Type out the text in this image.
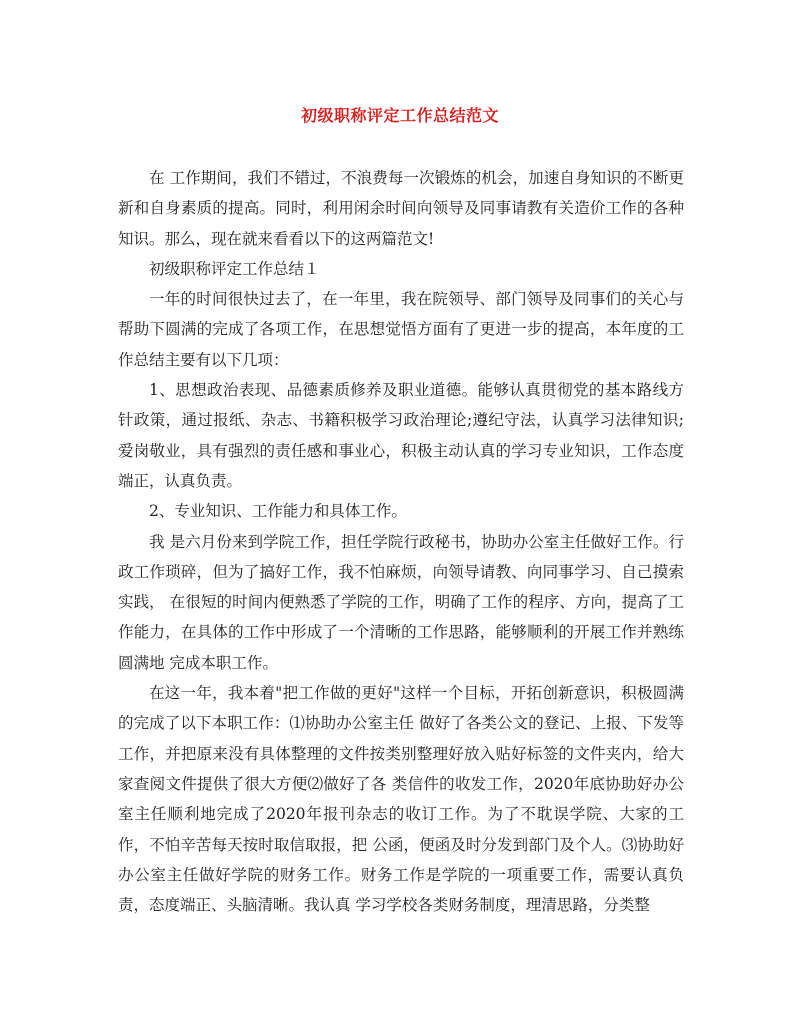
初级职称评定工作总结范文

在 工作期间，我们不错过，不浪费每一次锻炼的机会，加速自身知识的不断更新和自身素质的提高。同时，利用闲余时间向领导及同事请教有关造价工作的各种知识。那么，现在就来看看以下的这两篇范文!

初级职称评定工作总结１

一年的时间很快过去了，在一年里，我在院领导、部门领导及同事们的关心与帮助下圆满的完成了各项工作，在思想觉悟方面有了更进一步的提高，本年度的工作总结主要有以下几项：

1、思想政治表现、品德素质修养及职业道德。能够认真贯彻党的基本路线方针政策，通过报纸、杂志、书籍积极学习政治理论;遵纪守法，认真学习法律知识;爱岗敬业，具有强烈的责任感和事业心，积极主动认真的学习专业知识，工作态度端正，认真负责。

2、专业知识、工作能力和具体工作。

我 是六月份来到学院工作，担任学院行政秘书，协助办公室主任做好工作。行政工作琐碎，但为了搞好工作，我不怕麻烦，向领导请教、向同事学习、自己摸索实践， 在很短的时间内便熟悉了学院的工作，明确了工作的程序、方向，提高了工作能力，在具体的工作中形成了一个清晰的工作思路，能够顺利的开展工作并熟练圆满地 完成本职工作。

在这一年，我本着"把工作做的更好"这样一个目标，开拓创新意识，积极圆满的完成了以下本职工作：⑴协助办公室主任 做好了各类公文的登记、上报、下发等工作，并把原来没有具体整理的文件按类别整理好放入贴好标签的文件夹内，给大家查阅文件提供了很大方便⑵做好了各 类信件的收发工作，2020年底协助好办公室主任顺利地完成了2020年报刊杂志的收订工作。为了不耽误学院、大家的工作，不怕辛苦每天按时取信取报，把 公函，便函及时分发到部门及个人。⑶协助好办公室主任做好学院的财务工作。财务工作是学院的一项重要工作，需要认真负责，态度端正、头脑清晰。我认真 学习学校各类财务制度，理清思路，分类整
